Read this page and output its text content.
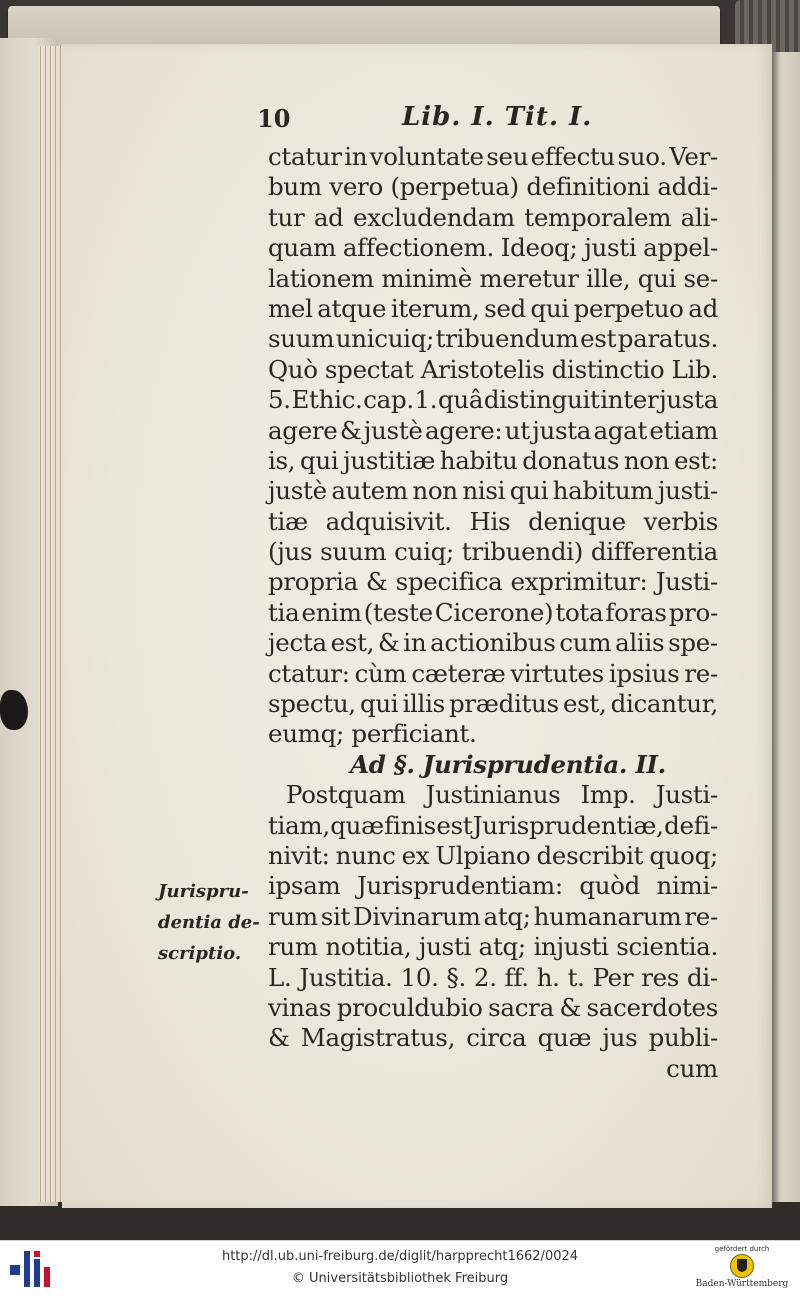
10	Lib. I. Tit. I.
ctatur in voluntate seu effectu suo. Ver-
bum vero (perpetua) definitioni addi-
tur ad excludendam temporalem ali-
quam affectionem. Ideoq; justi appel-
lationem minimè meretur ille, qui se-
mel atque iterum, sed qui perpetuo ad
suum unicuiq; tribuendum est paratus.
Quò spectat Aristotelis distinctio Lib.
5. Ethic. cap. 1. quâ distinguit inter justa
agere & justè agere: ut justa agat etiam
is, qui justitiæ habitu donatus non est:
justè autem non nisi qui habitum justi-
tiæ adquisivit. His denique verbis
(jus suum cuiq; tribuendi) differentia
propria & specifica exprimitur: Justi-
tia enim (teste Cicerone) tota foras pro-
jecta est, & in actionibus cum aliis spe-
ctatur: cùm cæteræ virtutes ipsius re-
spectu, qui illis præditus est, dicantur,
eumq; perficiant.
Ad §. Jurisprudentia. II.
Postquam Justinianus Imp. Justi-
tiam, quæ finis est Jurisprudentiæ, defi-
nivit: nunc ex Ulpiano describit quoq;
ipsam Jurisprudentiam: quòd nimi-
rum sit Divinarum atq; humanarum re-
rum notitia, justi atq; injusti scientia.
L. Justitia. 10. §. 2. ff. h. t. Per res di-
vinas proculdubio sacra & sacerdotes
& Magistratus, circa quæ jus publi-
cum
Jurispru-
dentia de-
scriptio.
http://dl.ub.uni-freiburg.de/diglit/harpprecht1662/0024
© Universitätsbibliothek Freiburg
gefördert durch
Baden-Württemberg
